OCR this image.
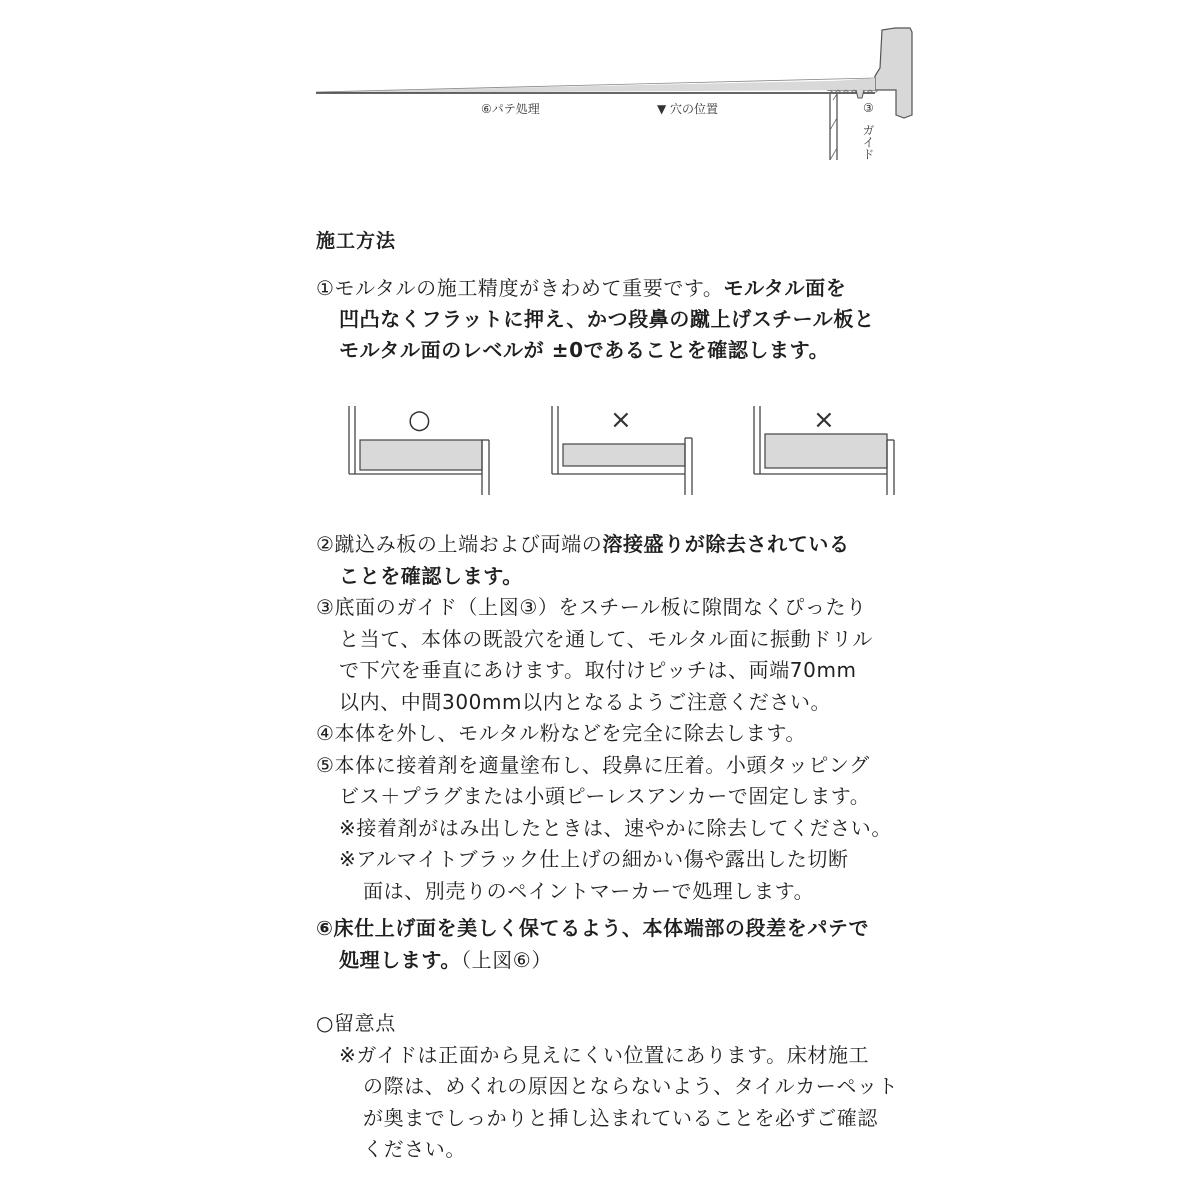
⑥パテ処理	▼ 穴の位置	③
ガイド
施工方法
①モルタルの施工精度がきわめて重要です。モルタル面を
凹凸なくフラットに押え、かつ段鼻の蹴上げスチール板と
モルタル面のレベルが ±0であることを確認します。
○	×	×
②蹴込み板の上端および両端の溶接盛りが除去されている
ことを確認します。
③底面のガイド（上図③）をスチール板に隙間なくぴったり
と当て、本体の既設穴を通して、モルタル面に振動ドリル
で下穴を垂直にあけます。取付けピッチは、両端70mm
以内、中間300mm以内となるようご注意ください。
④本体を外し、モルタル粉などを完全に除去します。
⑤本体に接着剤を適量塗布し、段鼻に圧着。小頭タッピング
ビス＋プラグまたは小頭ピーレスアンカーで固定します。
※接着剤がはみ出したときは、速やかに除去してください。
※アルマイトブラック仕上げの細かい傷や露出した切断
面は、別売りのペイントマーカーで処理します。
⑥床仕上げ面を美しく保てるよう、本体端部の段差をパテで
処理します。（上図⑥）
○留意点
※ガイドは正面から見えにくい位置にあります。床材施工
の際は、めくれの原因とならないよう、タイルカーペット
が奥までしっかりと挿し込まれていることを必ずご確認
ください。
